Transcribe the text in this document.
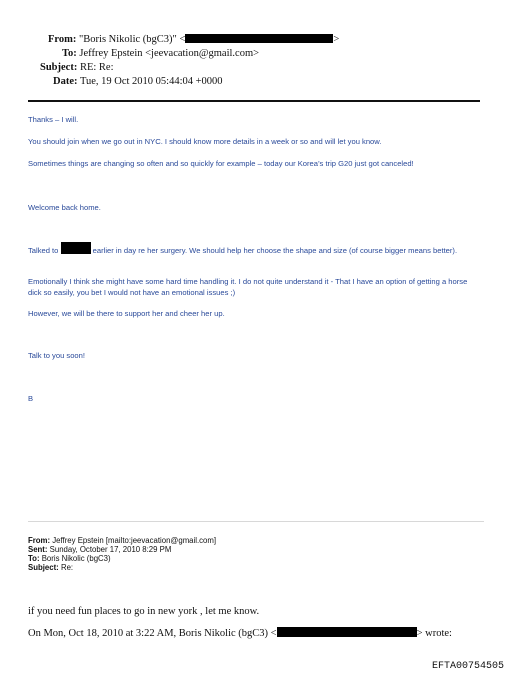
From: "Boris Nikolic (bgC3)" <	>
To: Jeffrey Epstein <jeevacation@gmail.com>
Subject: RE: Re:
Date: Tue, 19 Oct 2010 05:44:04 +0000
Thanks – I will.
You should join when we go out in NYC. I should know more details in a week or so and will let you know.
Sometimes things are changing so often and so quickly for example – today our Korea’s trip G20 just got canceled!
Welcome back home.
Talked to	earlier in day re her surgery. We should help her choose the shape and size (of course bigger means better).
Emotionally I think she might have some hard time handling it. I do not quite understand it - That I have an option of getting a horse dick so easily, you bet I would not have an emotional issues ;)
However, we will be there to support her and cheer her up.
Talk to you soon!
B
From: Jeffrey Epstein [mailto:jeevacation@gmail.com]
Sent: Sunday, October 17, 2010 8:29 PM
To: Boris Nikolic (bgC3)
Subject: Re:
if you need fun places to go in new york , let me know.
On Mon, Oct 18, 2010 at 3:22 AM, Boris Nikolic (bgC3) <	> wrote:
EFTA00754505
